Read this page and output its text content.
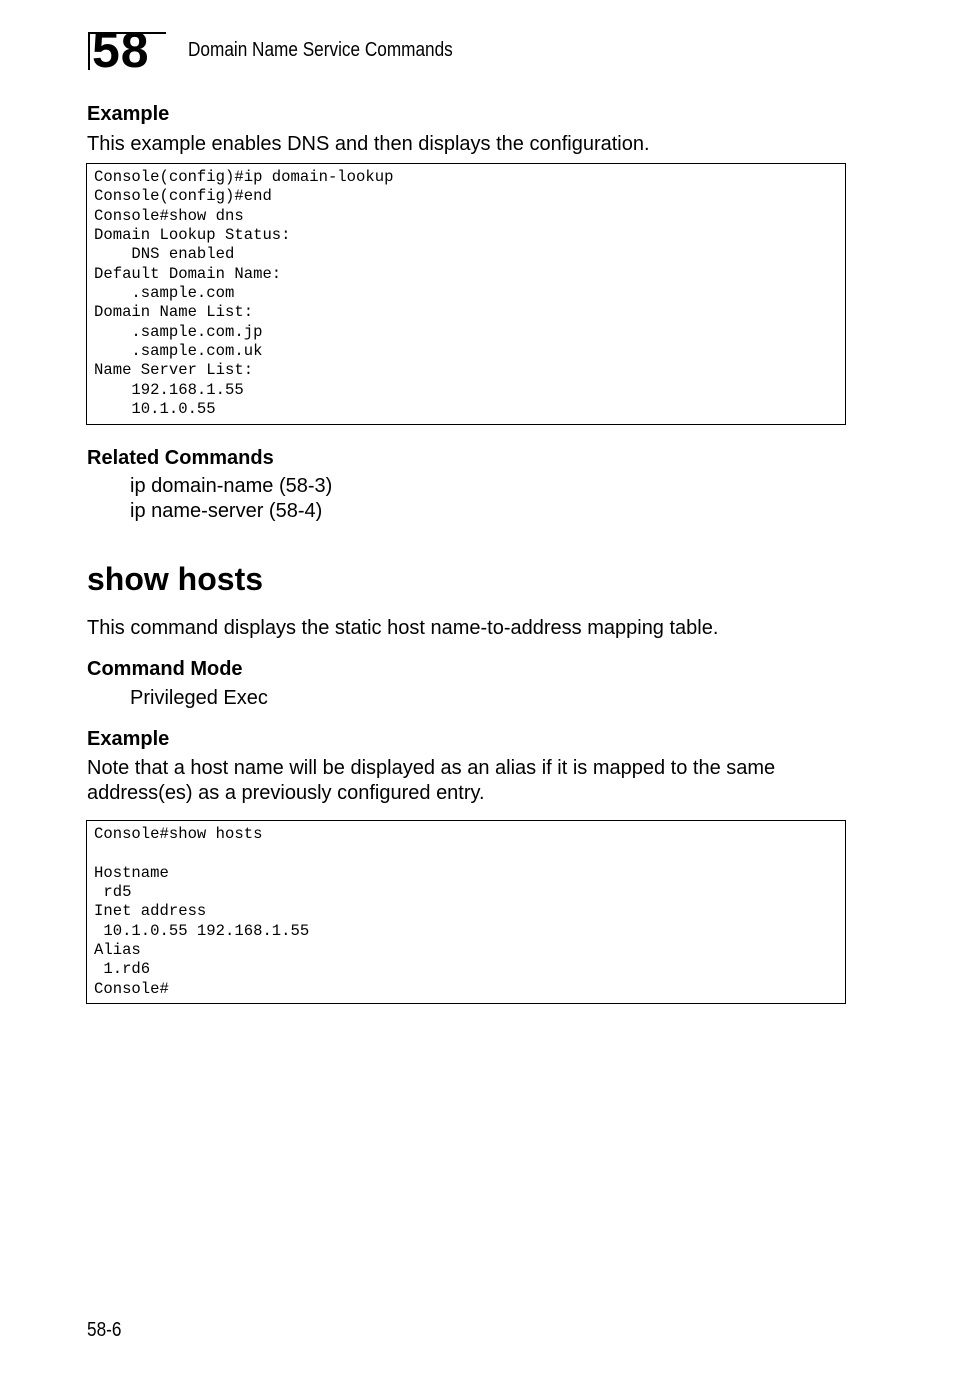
58 Domain Name Service Commands
Example
This example enables DNS and then displays the configuration.
Console(config)#ip domain-lookup
Console(config)#end
Console#show dns
Domain Lookup Status:
DNS enabled
Default Domain Name:
.sample.com
Domain Name List:
.sample.com.jp
.sample.com.uk
Name Server List:
192.168.1.55
10.1.0.55
Related Commands
ip domain-name (58-3)
ip name-server (58-4)
show hosts
This command displays the static host name-to-address mapping table.
Command Mode
Privileged Exec
Example
Note that a host name will be displayed as an alias if it is mapped to the same
address(es) as a previously configured entry.
Console#show hosts

Hostname
rd5
Inet address
10.1.0.55 192.168.1.55
Alias
1.rd6
Console#
58-6
